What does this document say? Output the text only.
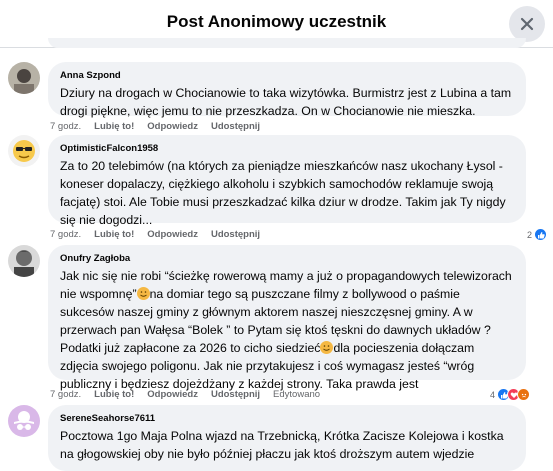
Post Anonimowy uczestnik
Anna Szpond
Dziury na drogach w Chocianowie to taka wizytówka. Burmistrz jest z Lubina a tam drogi piękne, więc jemu to nie przeszkadza. On w Chocianowie nie mieszka.
7 godz. Lubię to! Odpowiedz Udostępnij
OptimisticFalcon1958
Za to 20 telebimów (na których za pieniądze mieszkańców nasz ukochany Łysol - koneser dopalaczy, ciężkiego alkoholu i szybkich samochodów reklamuje swoją facjatę) stoi. Ale Tobie musi przeszkadzać kilka dziur w drodze. Takim jak Ty nigdy się nie dogodzi...
7 godz. Lubię to! Odpowiedz Udostępnij	2
Onufry Zagłoba
Jak nic się nie robi “ścieżkę rowerową mamy a już o propagandowych telewizorach nie wspomnę” na domiar tego są puszczane filmy z bollywood o paśmie sukcesów naszej gminy z głównym aktorem naszej nieszczęsnej gminy. A w przerwach pan Wałęsa “Bolek ” to Pytam się ktoś tęskni do dawnych układów ? Podatki już zapłacone za 2026 to cicho siedzieć dla pocieszenia dołączam zdjęcia swojego poligonu. Jak nie przytakujesz i coś wymagasz jesteś “wróg publiczny i będziesz dojeżdżany z każdej strony. Taka prawda jest
7 godz. Lubię to! Odpowiedz Udostępnij Edytowano	4
SereneSeahorse7611
Pocztowa 1go Maja Polna wjazd na Trzebnicką, Krótka Zacisze Kolejowa i kostka na głogowskiej oby nie było później płaczu jak ktoś droższym autem wjedzie
